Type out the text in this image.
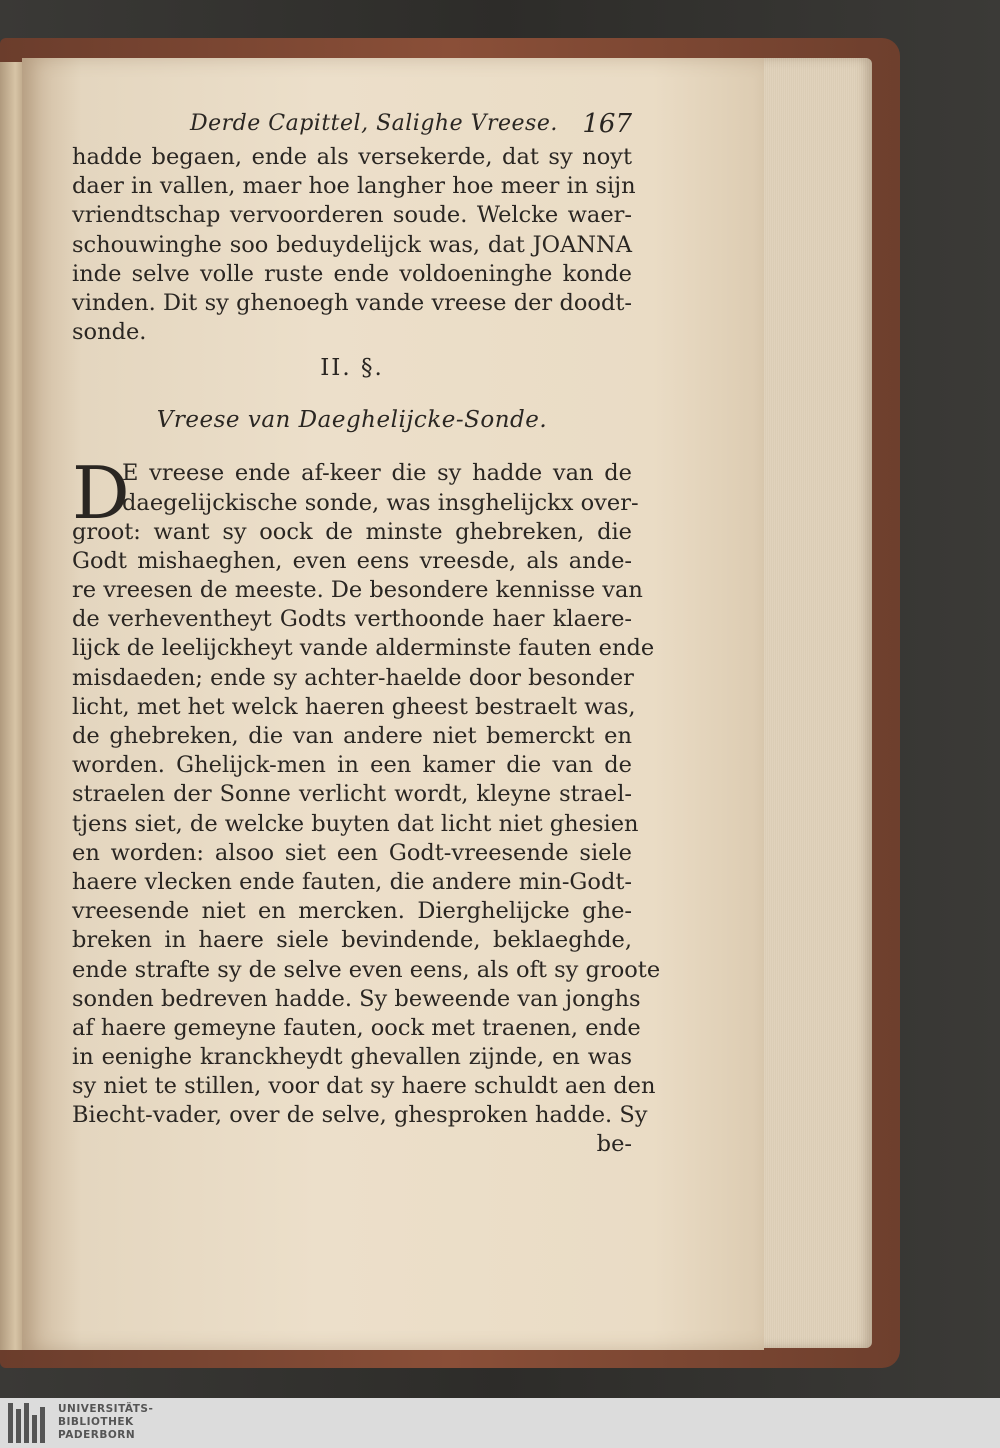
Derde Capittel, Salighe Vreese. 167
hadde begaen, ende als versekerde, dat sy noyt
daer in vallen, maer hoe langher hoe meer in sijn
vriendtschap vervoorderen soude. Welcke waer-
schouwinghe soo beduydelijck was, dat JOANNA
inde selve volle ruste ende voldoeninghe konde
vinden. Dit sy ghenoegh vande vreese der doodt-
sonde.
II. §.
Vreese van Daeghelijcke-Sonde.
D
E vreese ende af-keer die sy hadde van de
daegelijckische sonde, was insghelijckx over-
groot: want sy oock de minste ghebreken, die
Godt mishaeghen, even eens vreesde, als ande-
re vreesen de meeste. De besondere kennisse van
de verheventheyt Godts verthoonde haer klaere-
lijck de leelijckheyt vande alderminste fauten ende
misdaeden; ende sy achter-haelde door besonder
licht, met het welck haeren gheest bestraelt was,
de ghebreken, die van andere niet bemerckt en
worden. Ghelijck-men in een kamer die van de
straelen der Sonne verlicht wordt, kleyne strael-
tjens siet, de welcke buyten dat licht niet ghesien
en worden: alsoo siet een Godt-vreesende siele
haere vlecken ende fauten, die andere min-Godt-
vreesende niet en mercken. Dierghelijcke ghe-
breken in haere siele bevindende, beklaeghde,
ende strafte sy de selve even eens, als oft sy groote
sonden bedreven hadde. Sy beweende van jonghs
af haere gemeyne fauten, oock met traenen, ende
in eenighe kranckheydt ghevallen zijnde, en was
sy niet te stillen, voor dat sy haere schuldt aen den
Biecht-vader, over de selve, ghesproken hadde. Sy
be-
UNIVERSITÄTS-
BIBLIOTHEK
PADERBORN
